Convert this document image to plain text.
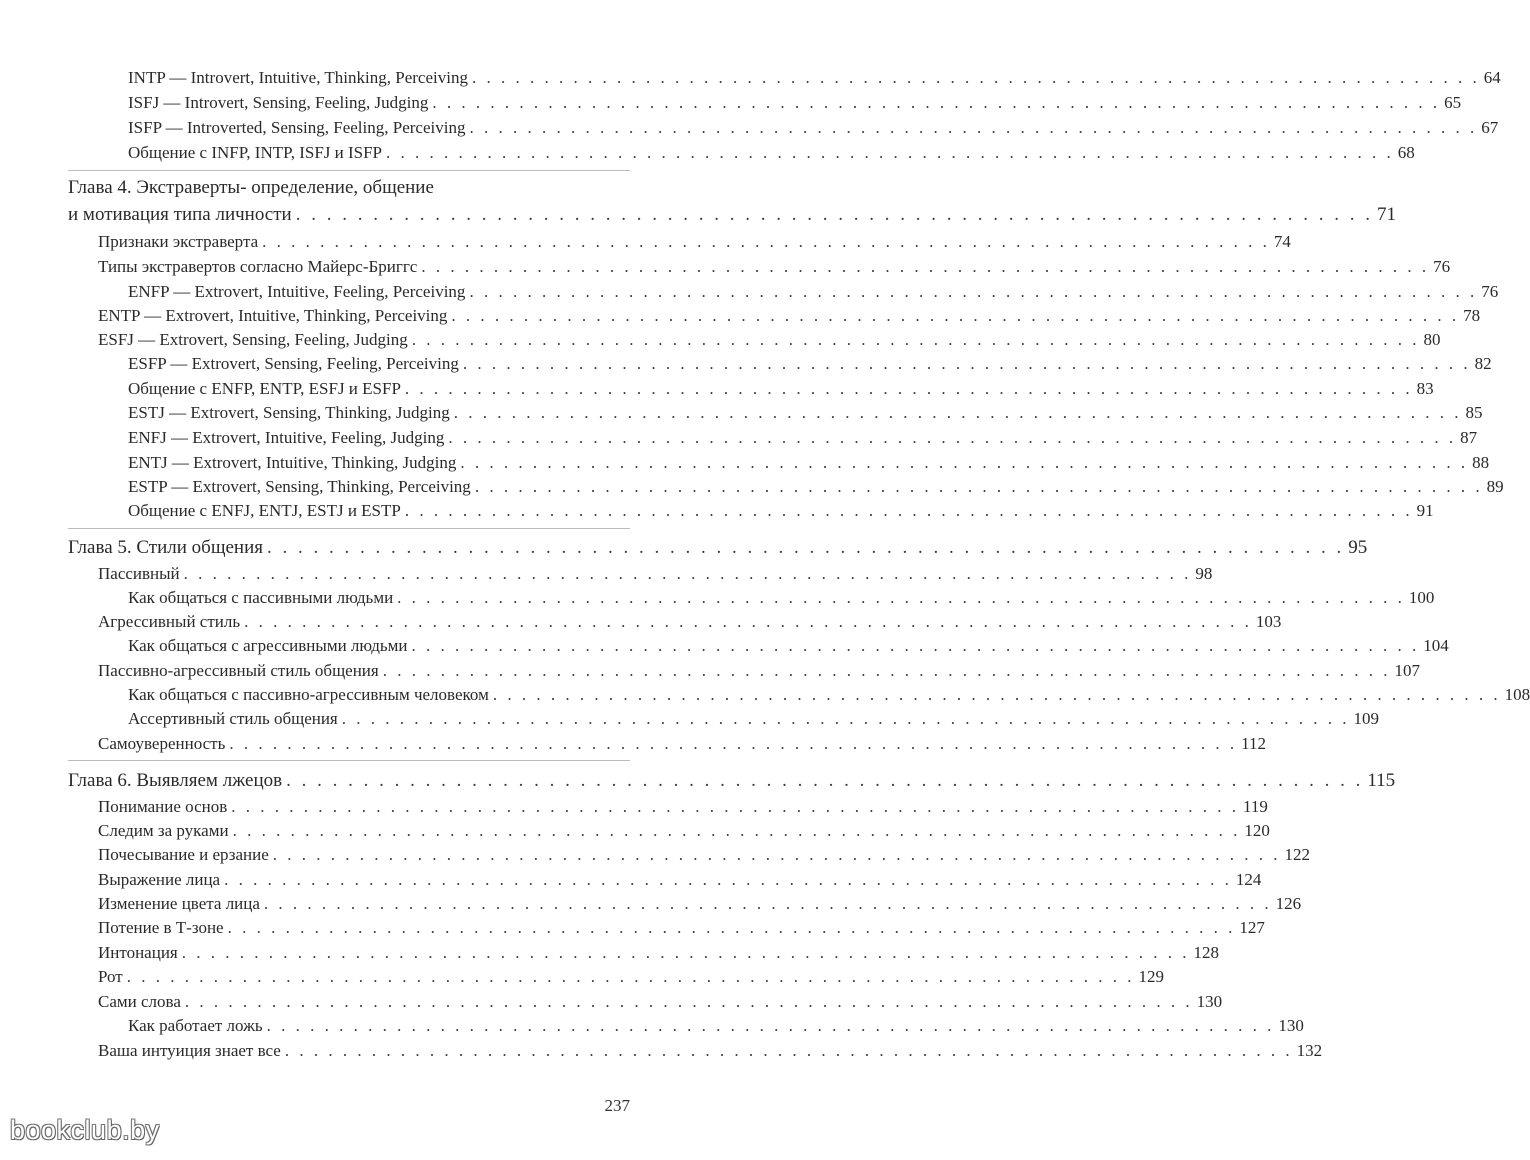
INTP — Introvert, Intuitive, Thinking, Perceiving . . . . . . . . . . . . . . . . . . . . . . . . . . . . . . . . . . . . . . . . . . . . . . . . . . . . . . . . . . . . . . . . . . . . . . 64
ISFJ — Introvert, Sensing, Feeling, Judging . . . . . . . . . . . . . . . . . . . . . . . . . . . . . . . . . . . . . . . . . . . . . . . . . . . . . . . . . . . . . . . . . . . . . . 65
ISFP — Introverted, Sensing, Feeling, Perceiving . . . . . . . . . . . . . . . . . . . . . . . . . . . . . . . . . . . . . . . . . . . . . . . . . . . . . . . . . . . . . . . . . . . . . . 67
Общение с INFP, INTP, ISFJ и ISFP . . . . . . . . . . . . . . . . . . . . . . . . . . . . . . . . . . . . . . . . . . . . . . . . . . . . . . . . . . . . . . . . . . . . . . 68
Глава 4. Экстраверты- определение, общение
и мотивация типа личности . . . . . . . . . . . . . . . . . . . . . . . . . . . . . . . . . . . . . . . . . . . . . . . . . . . . . . . . . . . . . . . . . . . . . . 71
Признаки экстраверта . . . . . . . . . . . . . . . . . . . . . . . . . . . . . . . . . . . . . . . . . . . . . . . . . . . . . . . . . . . . . . . . . . . . . . 74
Типы экстравертов согласно Майерс-Бриггс . . . . . . . . . . . . . . . . . . . . . . . . . . . . . . . . . . . . . . . . . . . . . . . . . . . . . . . . . . . . . . . . . . . . . . 76
ENFP — Extrovert, Intuitive, Feeling, Perceiving . . . . . . . . . . . . . . . . . . . . . . . . . . . . . . . . . . . . . . . . . . . . . . . . . . . . . . . . . . . . . . . . . . . . . . 76
ENTP — Extrovert, Intuitive, Thinking, Perceiving . . . . . . . . . . . . . . . . . . . . . . . . . . . . . . . . . . . . . . . . . . . . . . . . . . . . . . . . . . . . . . . . . . . . . . 78
ESFJ — Extrovert, Sensing, Feeling, Judging . . . . . . . . . . . . . . . . . . . . . . . . . . . . . . . . . . . . . . . . . . . . . . . . . . . . . . . . . . . . . . . . . . . . . . 80
ESFP — Extrovert, Sensing, Feeling, Perceiving . . . . . . . . . . . . . . . . . . . . . . . . . . . . . . . . . . . . . . . . . . . . . . . . . . . . . . . . . . . . . . . . . . . . . . 82
Общение с ENFP, ENTP, ESFJ и ESFP . . . . . . . . . . . . . . . . . . . . . . . . . . . . . . . . . . . . . . . . . . . . . . . . . . . . . . . . . . . . . . . . . . . . . . 83
ESTJ — Extrovert, Sensing, Thinking, Judging . . . . . . . . . . . . . . . . . . . . . . . . . . . . . . . . . . . . . . . . . . . . . . . . . . . . . . . . . . . . . . . . . . . . . . 85
ENFJ — Extrovert, Intuitive, Feeling, Judging . . . . . . . . . . . . . . . . . . . . . . . . . . . . . . . . . . . . . . . . . . . . . . . . . . . . . . . . . . . . . . . . . . . . . . 87
ENTJ — Extrovert, Intuitive, Thinking, Judging . . . . . . . . . . . . . . . . . . . . . . . . . . . . . . . . . . . . . . . . . . . . . . . . . . . . . . . . . . . . . . . . . . . . . . 88
ESTP — Extrovert, Sensing, Thinking, Perceiving . . . . . . . . . . . . . . . . . . . . . . . . . . . . . . . . . . . . . . . . . . . . . . . . . . . . . . . . . . . . . . . . . . . . . . 89
Общение с ENFJ, ENTJ, ESTJ и ESTP . . . . . . . . . . . . . . . . . . . . . . . . . . . . . . . . . . . . . . . . . . . . . . . . . . . . . . . . . . . . . . . . . . . . . . 91
Глава 5. Стили общения . . . . . . . . . . . . . . . . . . . . . . . . . . . . . . . . . . . . . . . . . . . . . . . . . . . . . . . . . . . . . . . . . . . . . . 95
Пассивный . . . . . . . . . . . . . . . . . . . . . . . . . . . . . . . . . . . . . . . . . . . . . . . . . . . . . . . . . . . . . . . . . . . . . . 98
Как общаться с пассивными людьми . . . . . . . . . . . . . . . . . . . . . . . . . . . . . . . . . . . . . . . . . . . . . . . . . . . . . . . . . . . . . . . . . . . . . . 100
Агрессивный стиль . . . . . . . . . . . . . . . . . . . . . . . . . . . . . . . . . . . . . . . . . . . . . . . . . . . . . . . . . . . . . . . . . . . . . . 103
Как общаться с агрессивными людьми . . . . . . . . . . . . . . . . . . . . . . . . . . . . . . . . . . . . . . . . . . . . . . . . . . . . . . . . . . . . . . . . . . . . . . 104
Пассивно-агрессивный стиль общения . . . . . . . . . . . . . . . . . . . . . . . . . . . . . . . . . . . . . . . . . . . . . . . . . . . . . . . . . . . . . . . . . . . . . . 107
Как общаться с пассивно-агрессивным человеком . . . . . . . . . . . . . . . . . . . . . . . . . . . . . . . . . . . . . . . . . . . . . . . . . . . . . . . . . . . . . . . . . . . . . . 108
Ассертивный стиль общения . . . . . . . . . . . . . . . . . . . . . . . . . . . . . . . . . . . . . . . . . . . . . . . . . . . . . . . . . . . . . . . . . . . . . . 109
Самоуверенность . . . . . . . . . . . . . . . . . . . . . . . . . . . . . . . . . . . . . . . . . . . . . . . . . . . . . . . . . . . . . . . . . . . . . . 112
Глава 6. Выявляем лжецов . . . . . . . . . . . . . . . . . . . . . . . . . . . . . . . . . . . . . . . . . . . . . . . . . . . . . . . . . . . . . . . . . . . . . . 115
Понимание основ . . . . . . . . . . . . . . . . . . . . . . . . . . . . . . . . . . . . . . . . . . . . . . . . . . . . . . . . . . . . . . . . . . . . . . 119
Следим за руками . . . . . . . . . . . . . . . . . . . . . . . . . . . . . . . . . . . . . . . . . . . . . . . . . . . . . . . . . . . . . . . . . . . . . . 120
Почесывание и ерзание . . . . . . . . . . . . . . . . . . . . . . . . . . . . . . . . . . . . . . . . . . . . . . . . . . . . . . . . . . . . . . . . . . . . . . 122
Выражение лица . . . . . . . . . . . . . . . . . . . . . . . . . . . . . . . . . . . . . . . . . . . . . . . . . . . . . . . . . . . . . . . . . . . . . . 124
Изменение цвета лица . . . . . . . . . . . . . . . . . . . . . . . . . . . . . . . . . . . . . . . . . . . . . . . . . . . . . . . . . . . . . . . . . . . . . . 126
Потение в Т-зоне . . . . . . . . . . . . . . . . . . . . . . . . . . . . . . . . . . . . . . . . . . . . . . . . . . . . . . . . . . . . . . . . . . . . . . 127
Интонация . . . . . . . . . . . . . . . . . . . . . . . . . . . . . . . . . . . . . . . . . . . . . . . . . . . . . . . . . . . . . . . . . . . . . . 128
Рот . . . . . . . . . . . . . . . . . . . . . . . . . . . . . . . . . . . . . . . . . . . . . . . . . . . . . . . . . . . . . . . . . . . . . . 129
Сами слова . . . . . . . . . . . . . . . . . . . . . . . . . . . . . . . . . . . . . . . . . . . . . . . . . . . . . . . . . . . . . . . . . . . . . . 130
Как работает ложь . . . . . . . . . . . . . . . . . . . . . . . . . . . . . . . . . . . . . . . . . . . . . . . . . . . . . . . . . . . . . . . . . . . . . . 130
Ваша интуиция знает все . . . . . . . . . . . . . . . . . . . . . . . . . . . . . . . . . . . . . . . . . . . . . . . . . . . . . . . . . . . . . . . . . . . . . . 132
237
bookclub.by
